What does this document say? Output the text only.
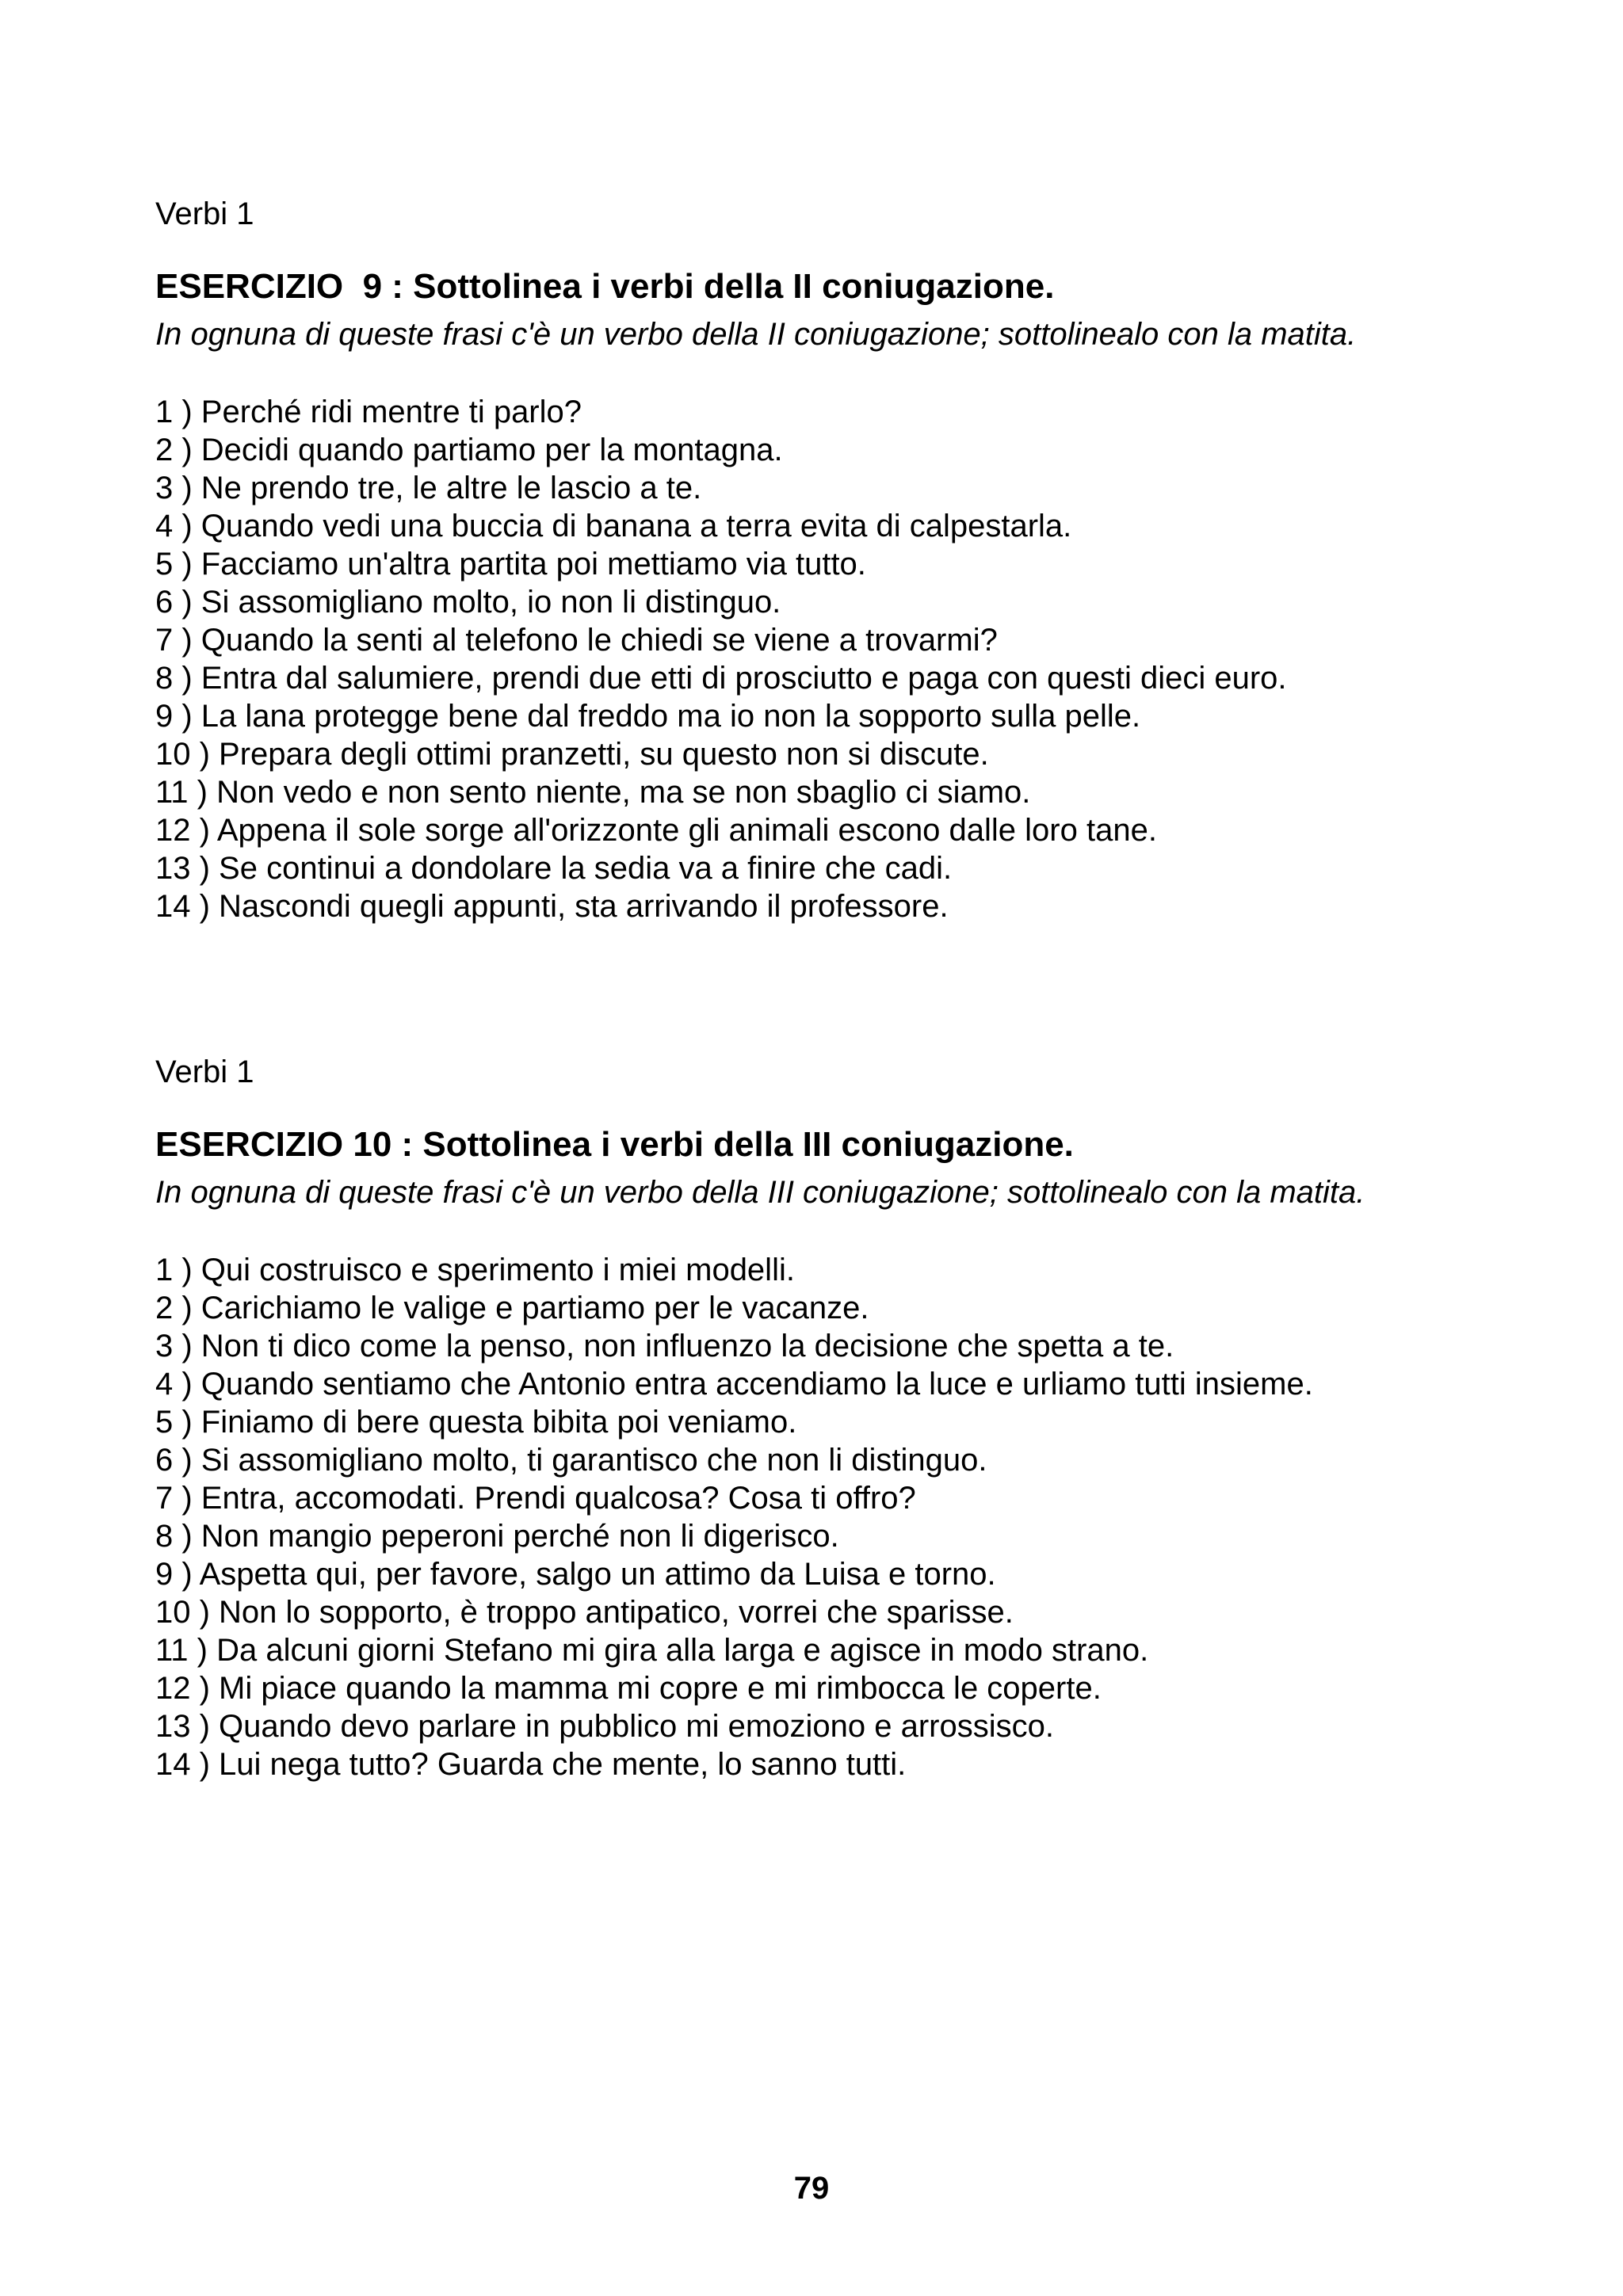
Verbi 1

ESERCIZIO  9 : Sottolinea i verbi della II coniugazione.

In ognuna di queste frasi c'è un verbo della II coniugazione; sottolinealo con la matita.

1 ) Perché ridi mentre ti parlo?
2 ) Decidi quando partiamo per la montagna.
3 ) Ne prendo tre, le altre le lascio a te.
4 ) Quando vedi una buccia di banana a terra evita di calpestarla.
5 ) Facciamo un'altra partita poi mettiamo via tutto.
6 ) Si assomigliano molto, io non li distinguo.
7 ) Quando la senti al telefono le chiedi se viene a trovarmi?
8 ) Entra dal salumiere, prendi due etti di prosciutto e paga con questi dieci euro.
9 ) La lana protegge bene dal freddo ma io non la sopporto sulla pelle.
10 ) Prepara degli ottimi pranzetti, su questo non si discute.
11 ) Non vedo e non sento niente, ma se non sbaglio ci siamo.
12 ) Appena il sole sorge all'orizzonte gli animali escono dalle loro tane.
13 ) Se continui a dondolare la sedia va a finire che cadi.
14 ) Nascondi quegli appunti, sta arrivando il professore.

Verbi 1

ESERCIZIO 10 : Sottolinea i verbi della III coniugazione.

In ognuna di queste frasi c'è un verbo della III coniugazione; sottolinealo con la matita.

1 ) Qui costruisco e sperimento i miei modelli.
2 ) Carichiamo le valige e partiamo per le vacanze.
3 ) Non ti dico come la penso, non influenzo la decisione che spetta a te.
4 ) Quando sentiamo che Antonio entra accendiamo la luce e urliamo tutti insieme.
5 ) Finiamo di bere questa bibita poi veniamo.
6 ) Si assomigliano molto, ti garantisco che non li distinguo.
7 ) Entra, accomodati. Prendi qualcosa? Cosa ti offro?
8 ) Non mangio peperoni perché non li digerisco.
9 ) Aspetta qui, per favore, salgo un attimo da Luisa e torno.
10 ) Non lo sopporto, è troppo antipatico, vorrei che sparisse.
11 ) Da alcuni giorni Stefano mi gira alla larga e agisce in modo strano.
12 ) Mi piace quando la mamma mi copre e mi rimbocca le coperte.
13 ) Quando devo parlare in pubblico mi emoziono e arrossisco.
14 ) Lui nega tutto? Guarda che mente, lo sanno tutti.
79
